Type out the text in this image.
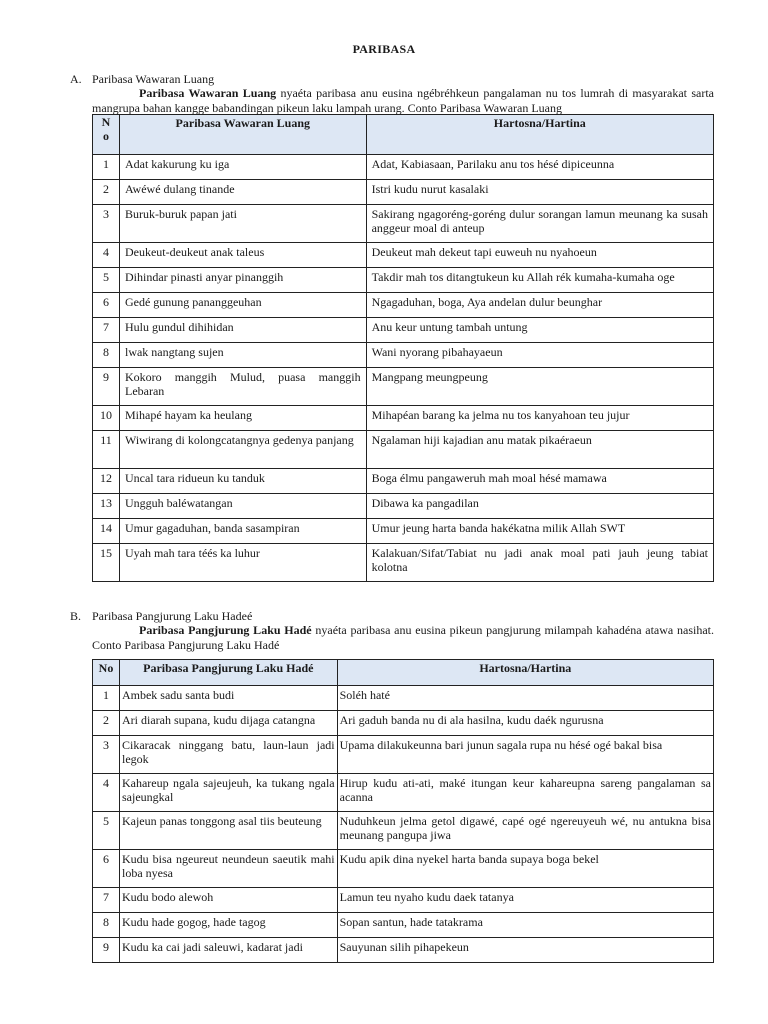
PARIBASA
A. Paribasa Wawaran Luang
Paribasa Wawaran Luang nyaéta paribasa anu eusina ngébréhkeun pangalaman nu tos lumrah di masyarakat sarta mangrupa bahan kangge babandingan pikeun laku lampah urang. Conto Paribasa Wawaran Luang
N o	Paribasa Wawaran Luang	Hartosna/Hartina
1	Adat kakurung ku iga	Adat, Kabiasaan, Parilaku anu tos hésé dipiceunna
2	Awéwé dulang tinande	Istri kudu nurut kasalaki
3	Buruk-buruk papan jati	Sakirang ngagoréng-goréng dulur sorangan lamun meunang ka susah anggeur moal di anteup
4	Deukeut-deukeut anak taleus	Deukeut mah dekeut tapi euweuh nu nyahoeun
5	Dihindar pinasti anyar pinanggih	Takdir mah tos ditangtukeun ku Allah rék kumaha-kumaha oge
6	Gedé gunung pananggeuhan	Ngagaduhan, boga, Aya andelan dulur beunghar
7	Hulu gundul dihihidan	Anu keur untung tambah untung
8	lwak nangtang sujen	Wani nyorang pibahayaeun
9	Kokoro manggih Mulud, puasa manggih Lebaran	Mangpang meungpeung
10	Mihapé hayam ka heulang	Mihapéan barang ka jelma nu tos kanyahoan teu jujur
11	Wiwirang di kolongcatangnya gedenya panjang	Ngalaman hiji kajadian anu matak pikaéraeun
12	Uncal tara ridueun ku tanduk	Boga élmu pangaweruh mah moal hésé mamawa
13	Ungguh baléwatangan	Dibawa ka pangadilan
14	Umur gagaduhan, banda sasampiran	Umur jeung harta banda hakékatna milik Allah SWT
15	Uyah mah tara téés ka luhur	Kalakuan/Sifat/Tabiat nu jadi anak moal pati jauh jeung tabiat kolotna
B. Paribasa Pangjurung Laku Hadeé
Paribasa Pangjurung Laku Hadé nyaéta paribasa anu eusina pikeun pangjurung milampah kahadéna atawa nasihat. Conto Paribasa Pangjurung Laku Hadé
No	Paribasa Pangjurung Laku Hadé	Hartosna/Hartina
1	Ambek sadu santa budi	Soléh haté
2	Ari diarah supana, kudu dijaga catangna	Ari gaduh banda nu di ala hasilna, kudu daék ngurusna
3	Cikaracak ninggang batu, laun-laun jadi legok	Upama dilakukeunna bari junun sagala rupa nu hésé ogé bakal bisa
4	Kahareup ngala sajeujeuh, ka tukang ngala sajeungkal	Hirup kudu ati-ati, maké itungan keur kahareupna sareng pangalaman sa acanna
5	Kajeun panas tonggong asal tiis beuteung	Nuduhkeun jelma getol digawé, capé ogé ngereuyeuh wé, nu antukna bisa meunang pangupa jiwa
6	Kudu bisa ngeureut neundeun saeutik mahi loba nyesa	Kudu apik dina nyekel harta banda supaya boga bekel
7	Kudu bodo alewoh	Lamun teu nyaho kudu daek tatanya
8	Kudu hade gogog, hade tagog	Sopan santun, hade tatakrama
9	Kudu ka cai jadi saleuwi, kadarat jadi	Sauyunan silih pihapekeun
